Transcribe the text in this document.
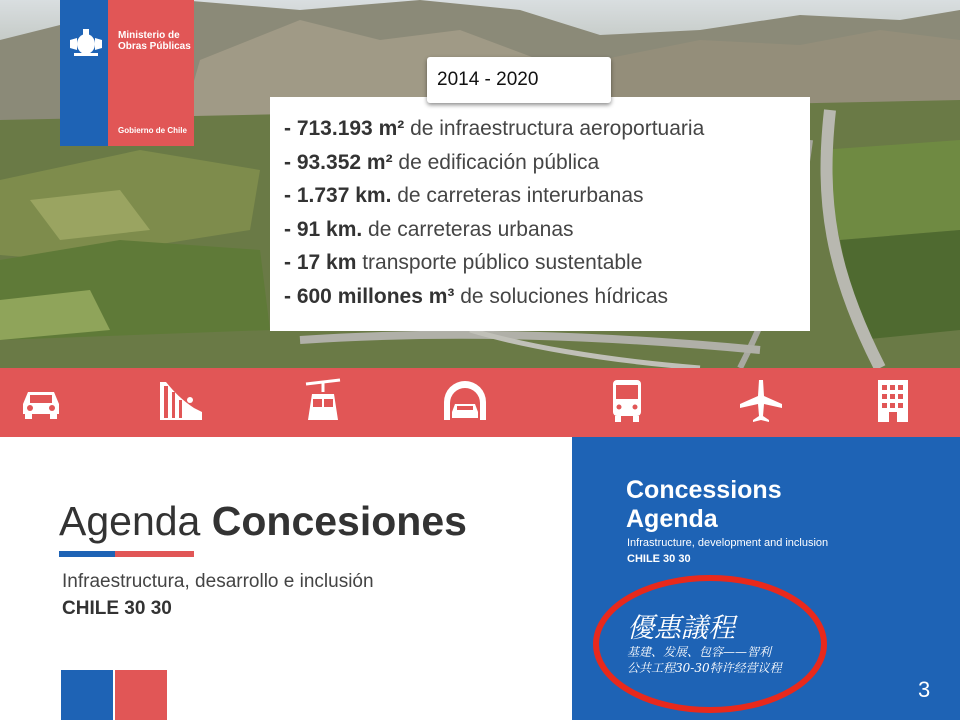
Ministerio de Obras Públicas
Gobierno de Chile	- 713.193 m² de infraestructura aeroportuaria
- 93.352 m² de edificación pública
- 1.737 km. de carreteras interurbanas
- 91 km. de carreteras urbanas
- 17 km transporte público sustentable
- 600 millones m³ de soluciones hídricas
2014 - 2020
Agenda Concesiones
Infraestructura, desarrollo e inclusión
CHILE 30 30
Concessions Agenda
Infrastructure, development and inclusion
CHILE 30 30
優惠議程
基建、发展、包容——智利
公共工程30-30特许经营议程
3
